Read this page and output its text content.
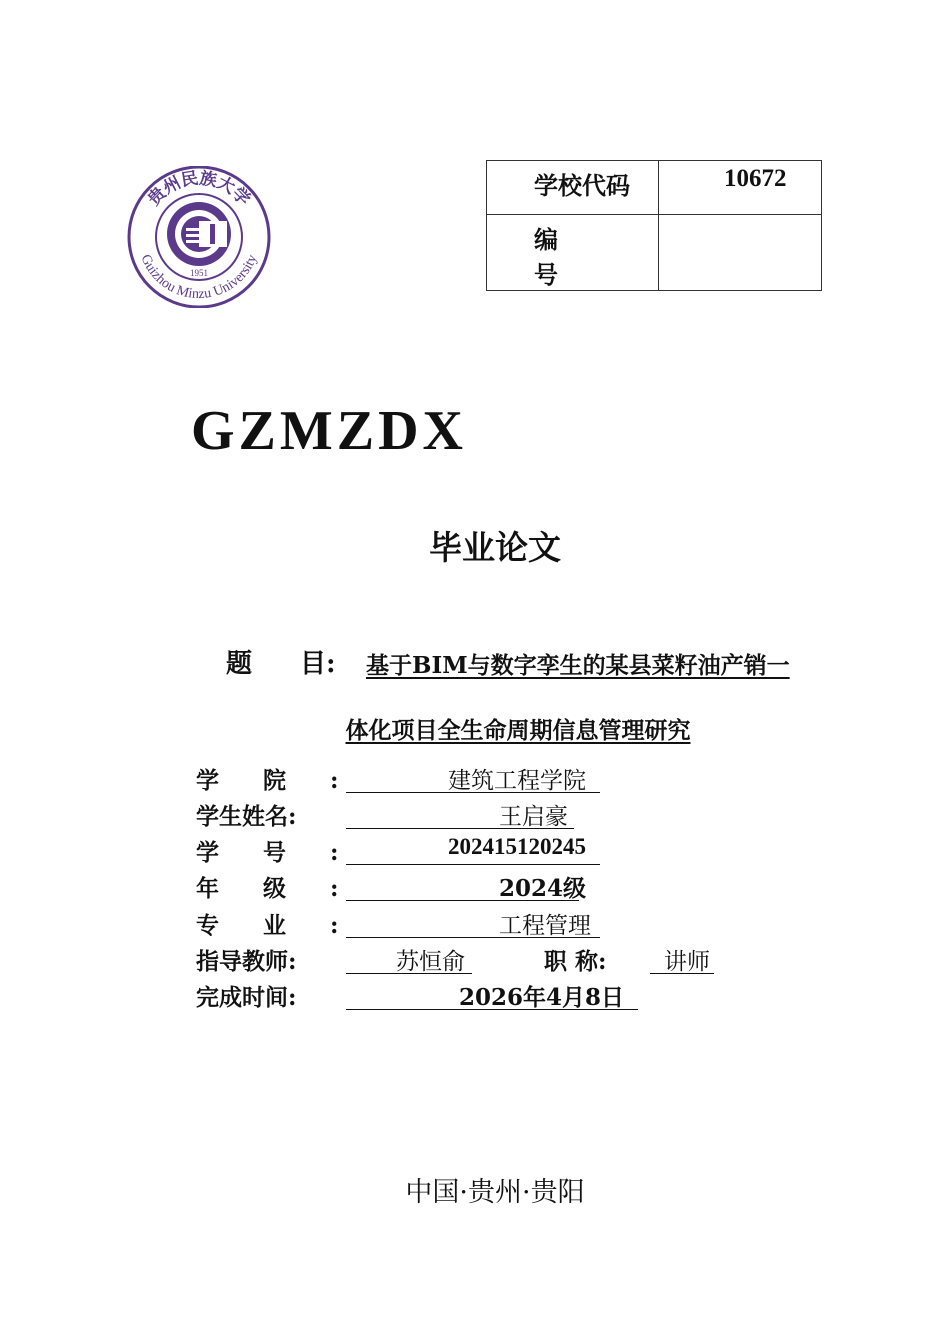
贵州民族大学
Guizhou Minzu University
1951
学校代码	10672

编号	

GZMZDX
毕业论文
题 目: 基于BIM与数字孪生的某县菜籽油产销一
体化项目全生命周期信息管理研究
学院:	建筑工程学院
学生姓名:	王启豪
学号:	202415120245
年级:	2024级
专业:	工程管理
指导教师:	苏恒俞	职 称:	讲师
完成时间:	2026年4月8日
中国·贵州·贵阳
